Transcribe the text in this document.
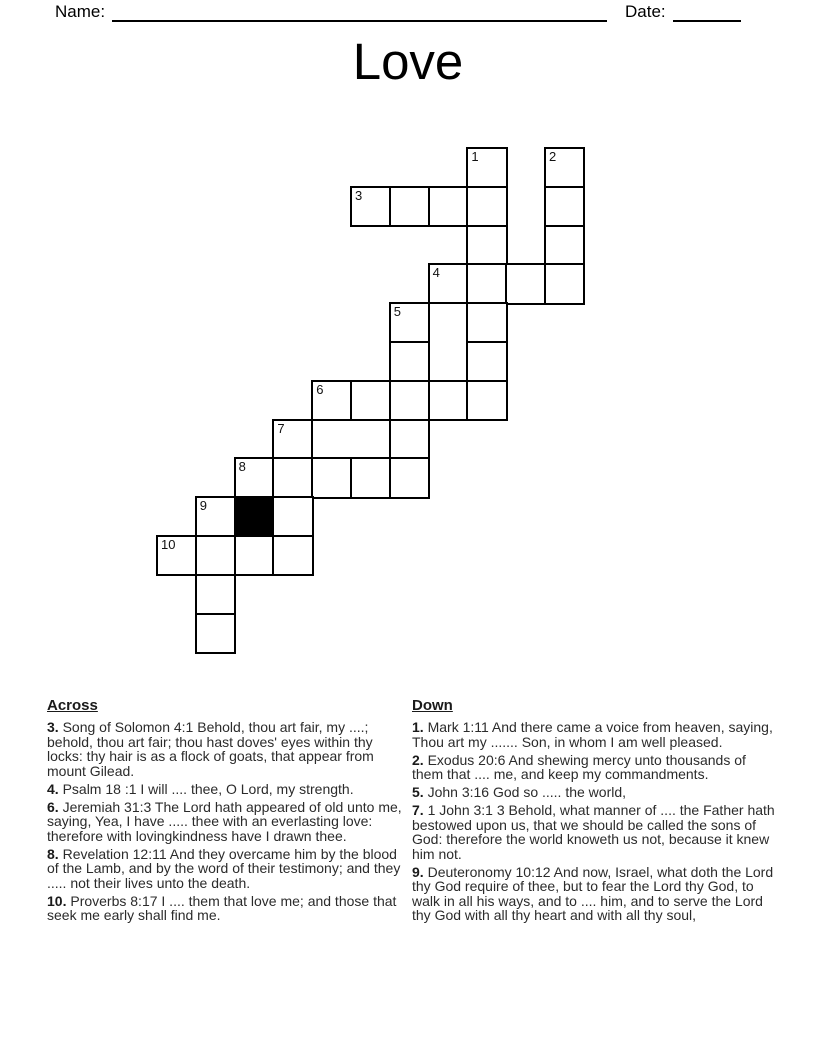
Name:	Date:
Love
1	2
3
4
5
6
7
8
9
10

Across

3. Song of Solomon 4:1 Behold, thou art fair, my ....; behold, thou art fair; thou hast doves' eyes within thy locks: thy hair is as a flock of goats, that appear from mount Gilead.

4. Psalm 18 :1 I will .... thee, O Lord, my strength.

6. Jeremiah 31:3 The Lord hath appeared of old unto me, saying, Yea, I have ..... thee with an everlasting love: therefore with lovingkindness have I drawn thee.

8. Revelation 12:11 And they overcame him by the blood of the Lamb, and by the word of their testimony; and they ..... not their lives unto the death.

10. Proverbs 8:17 I .... them that love me; and those that seek me early shall find me.

Down

1. Mark 1:11 And there came a voice from heaven, saying, Thou art my ....... Son, in whom I am well pleased.

2. Exodus 20:6 And shewing mercy unto thousands of them that .... me, and keep my commandments.

5. John 3:16 God so ..... the world,

7. 1 John 3:1 3 Behold, what manner of .... the Father hath bestowed upon us, that we should be called the sons of God: therefore the world knoweth us not, because it knew him not.

9. Deuteronomy 10:12 And now, Israel, what doth the Lord thy God require of thee, but to fear the Lord thy God, to walk in all his ways, and to .... him, and to serve the Lord thy God with all thy heart and with all thy soul,
